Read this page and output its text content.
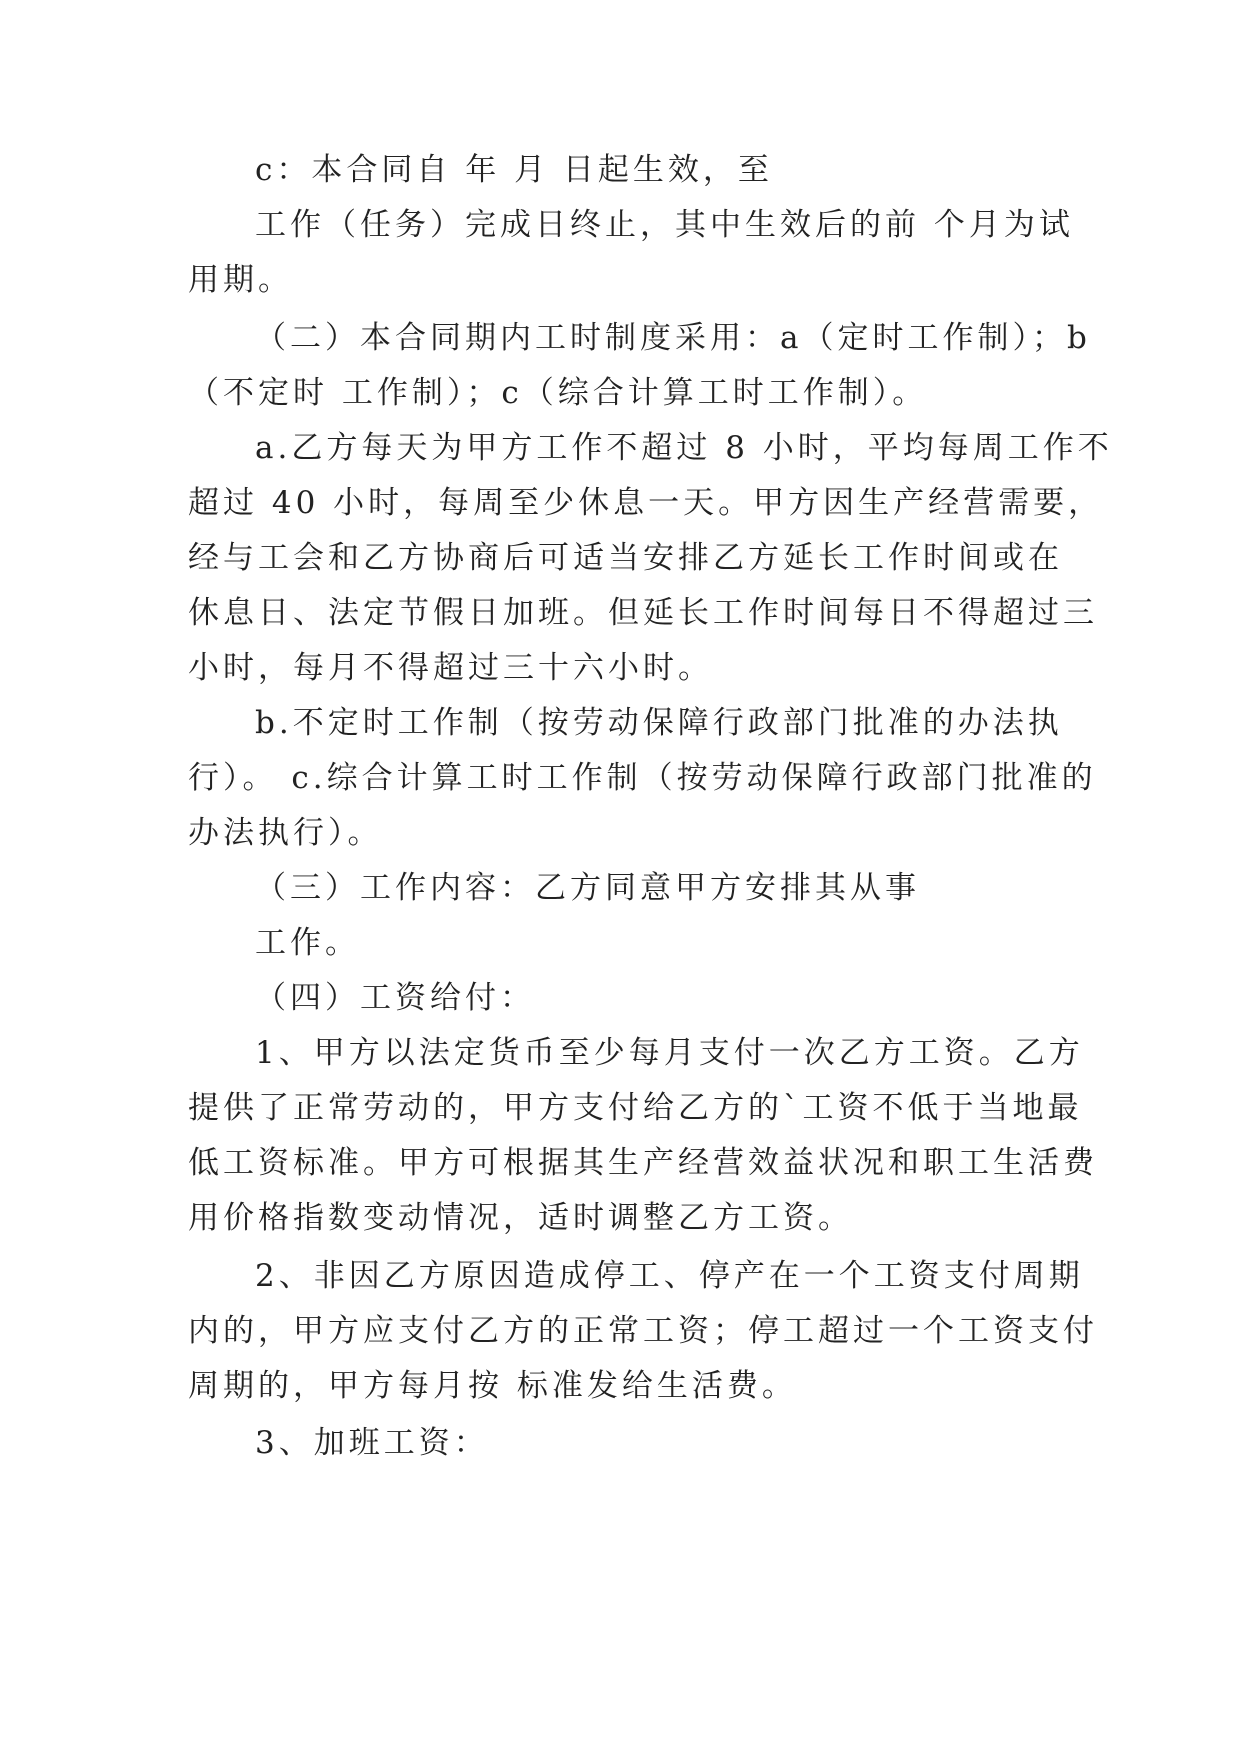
c：本合同自 年 月 日起生效，至
工作（任务）完成日终止，其中生效后的前 个月为试
用期。
（二）本合同期内工时制度采用：a（定时工作制）；b
（不定时 工作制）；c（综合计算工时工作制）。
a.乙方每天为甲方工作不超过 8 小时，平均每周工作不
超过 40 小时，每周至少休息一天。甲方因生产经营需要，
经与工会和乙方协商后可适当安排乙方延长工作时间或在
休息日、法定节假日加班。但延长工作时间每日不得超过三
小时，每月不得超过三十六小时。
b.不定时工作制（按劳动保障行政部门批准的办法执
行）。 c.综合计算工时工作制（按劳动保障行政部门批准的
办法执行）。
（三）工作内容：乙方同意甲方安排其从事
工作。
（四）工资给付：
1、甲方以法定货币至少每月支付一次乙方工资。乙方
提供了正常劳动的，甲方支付给乙方的`工资不低于当地最
低工资标准。甲方可根据其生产经营效益状况和职工生活费
用价格指数变动情况，适时调整乙方工资。
2、非因乙方原因造成停工、停产在一个工资支付周期
内的，甲方应支付乙方的正常工资；停工超过一个工资支付
周期的，甲方每月按 标准发给生活费。
3、加班工资：
